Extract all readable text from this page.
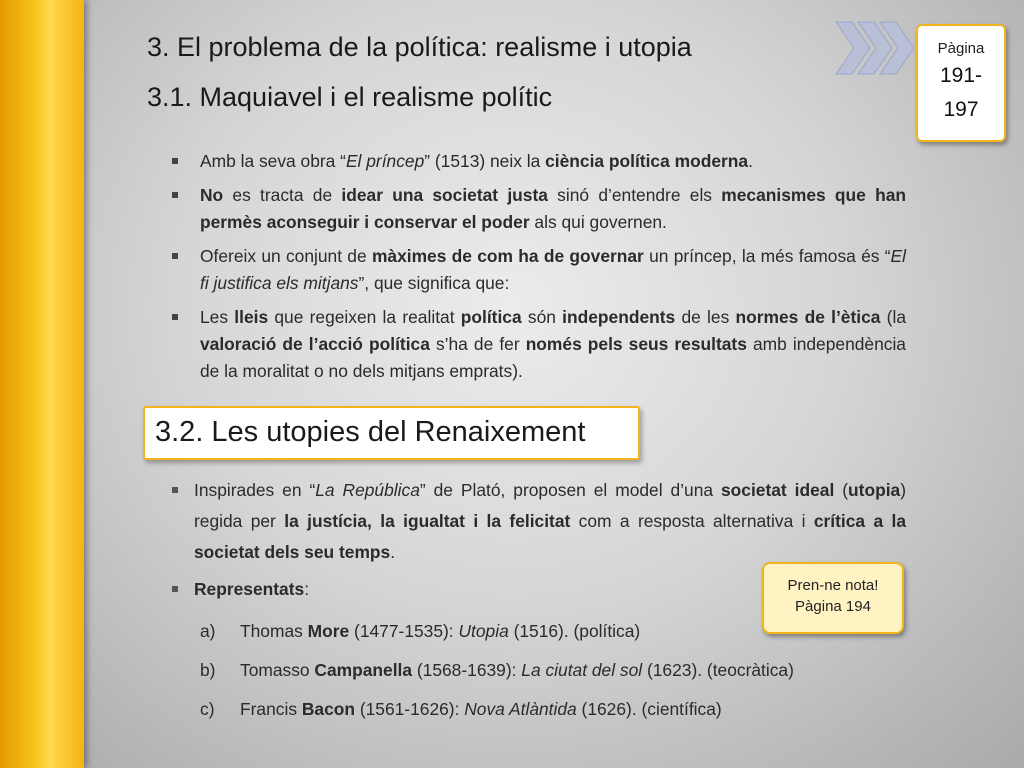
3. El problema de la política: realisme i utopia
3.1. Maquiavel i el realisme polític
Pàgina
191-
197
Amb la seva obra “El príncep” (1513) neix la ciència política moderna.
No es tracta de idear una societat justa sinó d’entendre els mecanismes que han permès aconseguir i conservar el poder als qui governen.
Ofereix un conjunt de màximes de com ha de governar un príncep, la més famosa és “El fi justifica els mitjans”, que significa que:
Les lleis que regeixen la realitat política són independents de les normes de l’ètica (la valoració de l’acció política s’ha de fer només pels seus resultats amb independència de la moralitat o no dels mitjans emprats).
3.2. Les utopies del Renaixement
Inspirades en “La República” de Plató, proposen el model d’una societat ideal (utopia) regida per la justícia, la igualtat i la felicitat com a resposta alternativa i crítica a la societat dels seu temps.
Representats:
a) Thomas More (1477-1535): Utopia (1516). (política)
b) Tomasso Campanella (1568-1639): La ciutat del sol (1623). (teocràtica)
c) Francis Bacon (1561-1626): Nova Atlàntida (1626). (científica)
Pren-ne nota!
Pàgina 194
